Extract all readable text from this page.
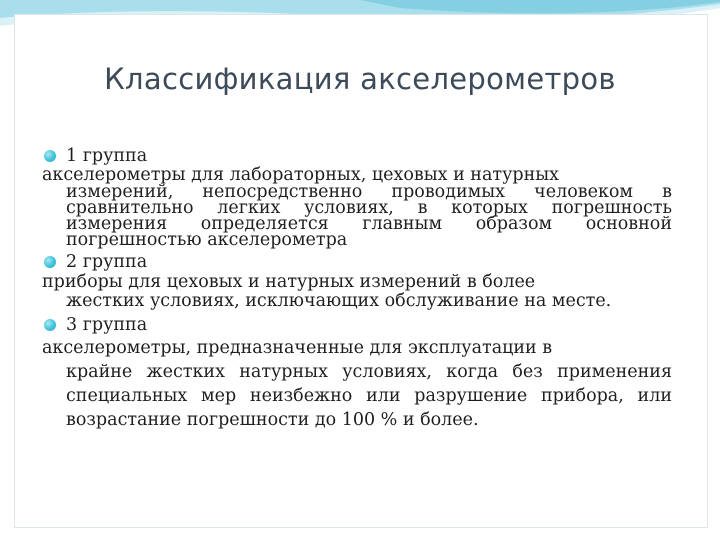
Классификация акселерометров
1 группа
акселерометры для лабораторных, цеховых и натурных
измерений, непосредственно проводимых человеком в сравнительно легких условиях, в которых погрешность измерения определяется главным образом основной погрешностью акселерометра
2 группа
приборы для цеховых и натурных измерений в более
жестких условиях, исключающих обслуживание на месте.
3 группа
акселерометры, предназначенные для эксплуатации в
крайне жестких натурных условиях, когда без применения специальных мер неизбежно или разрушение прибора, или возрастание погрешности до 100 % и более.
